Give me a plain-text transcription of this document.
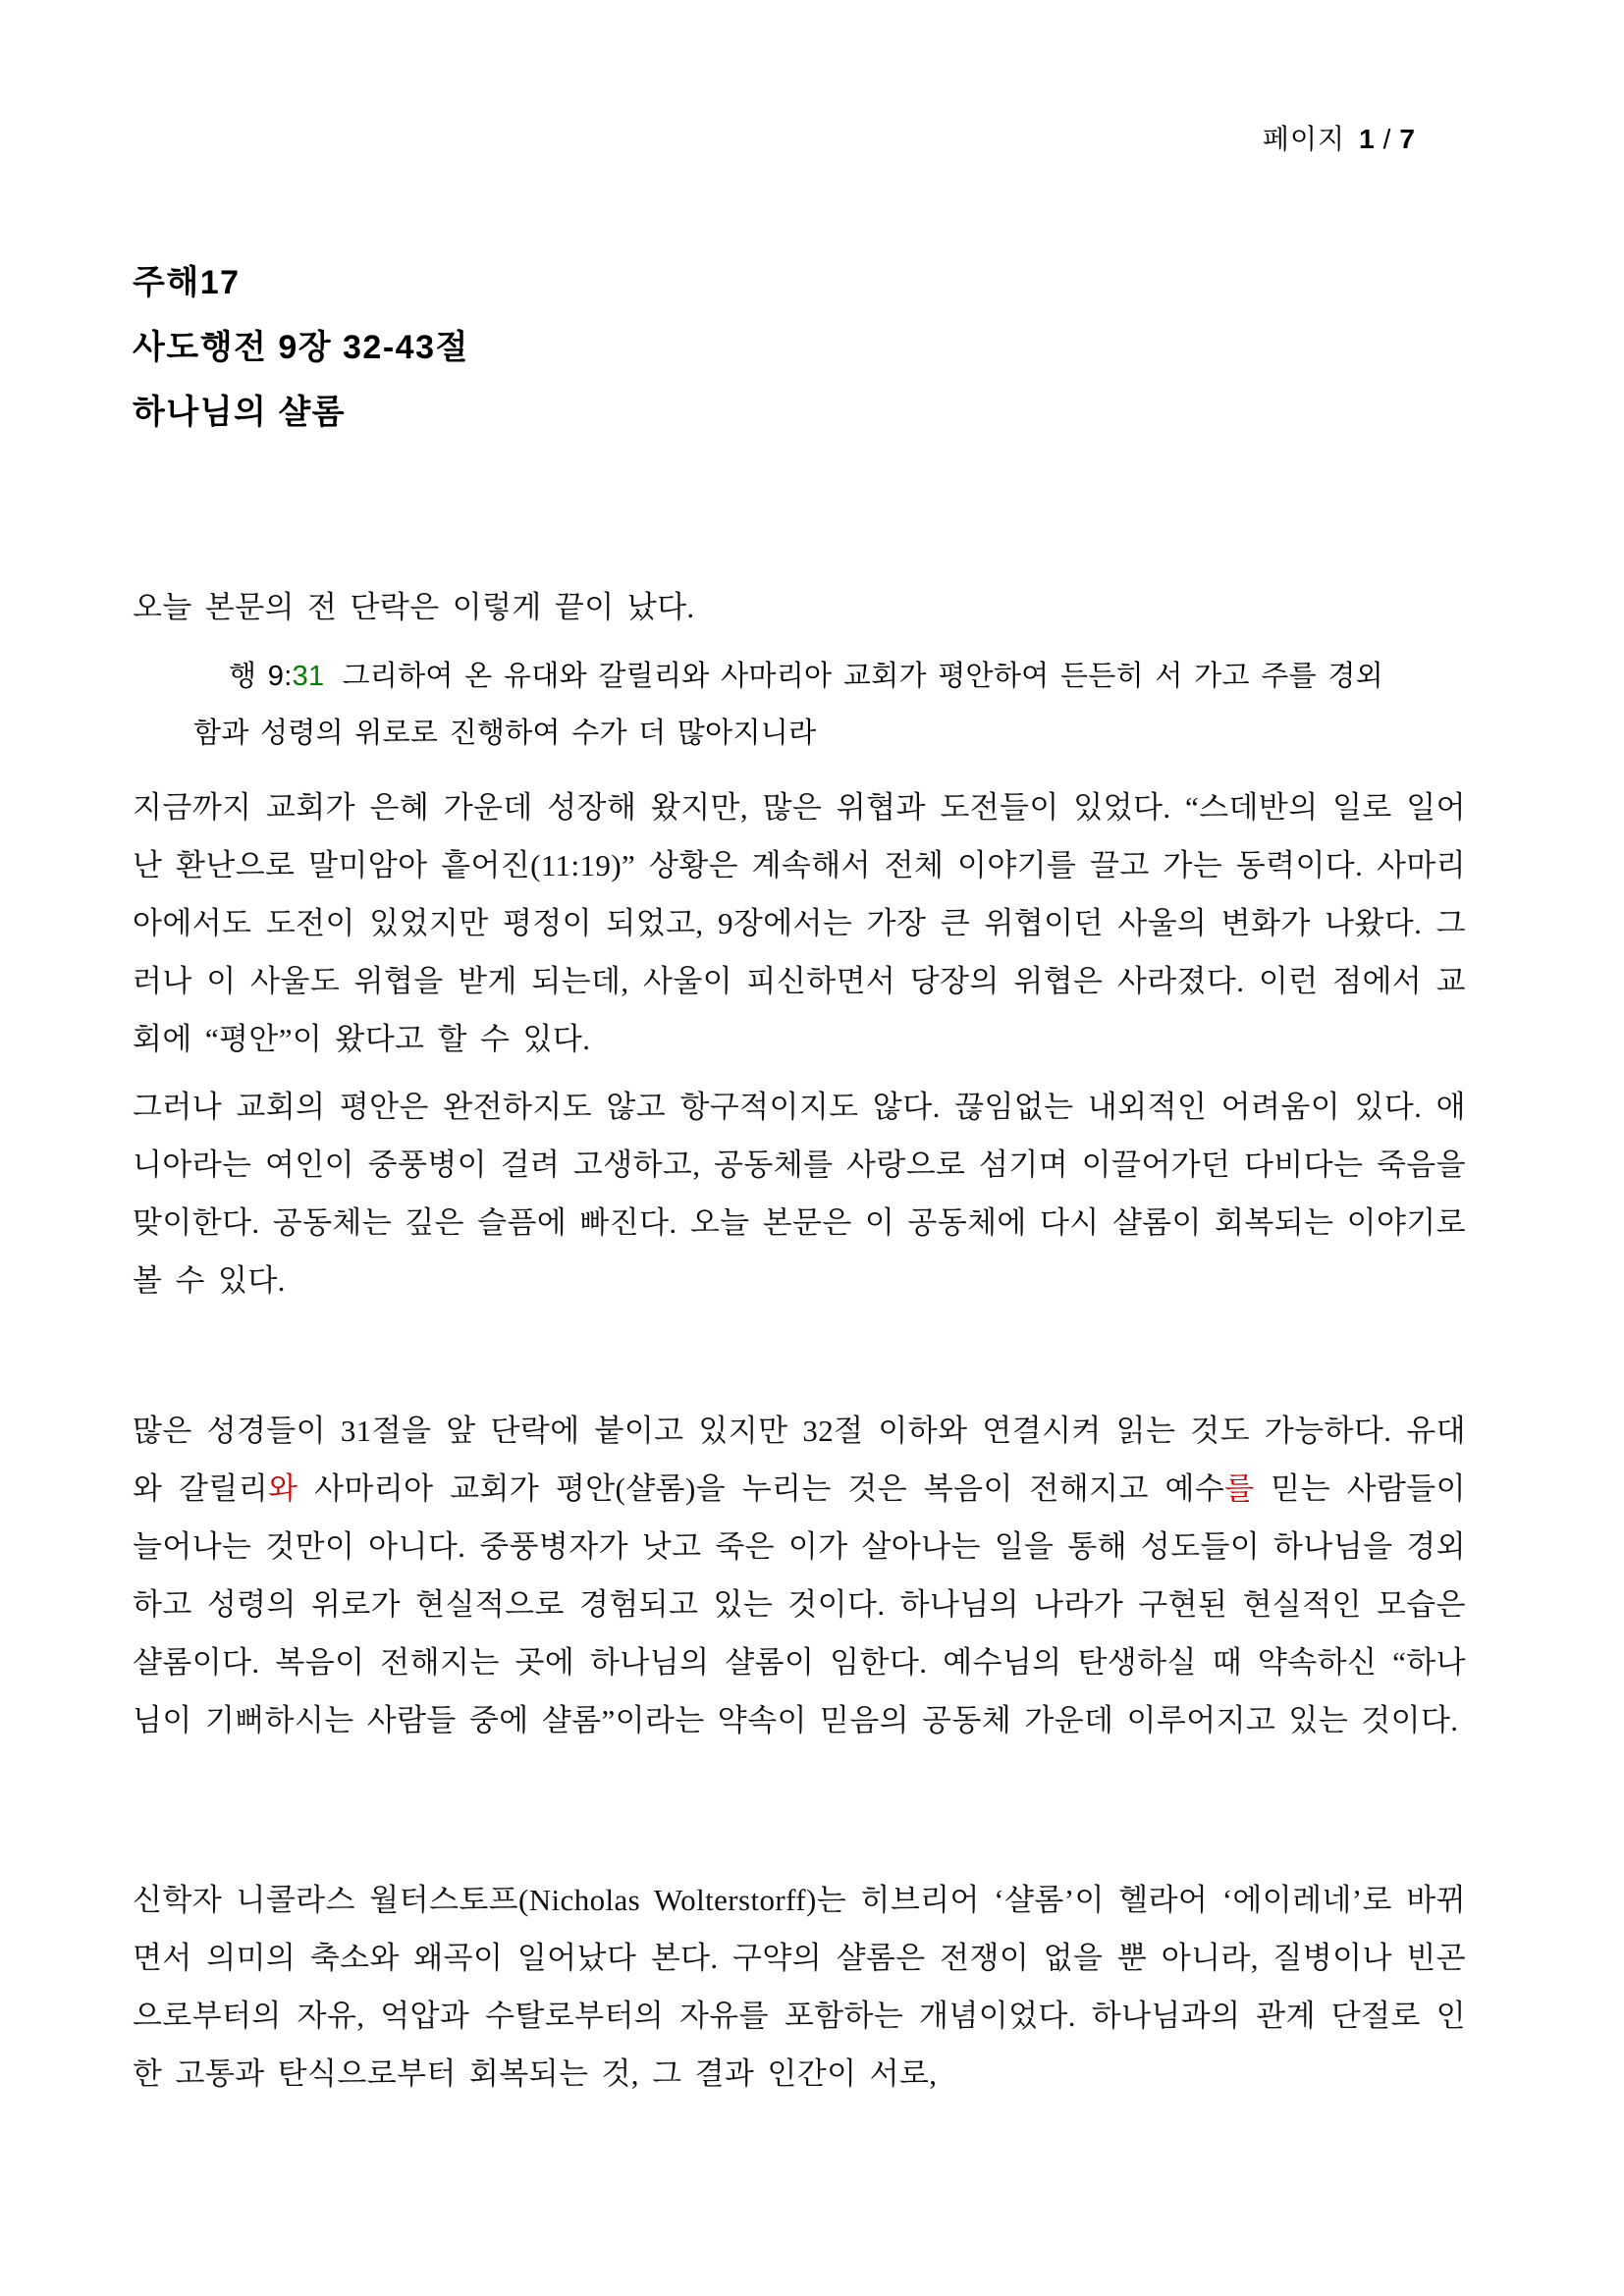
페이지 1 / 7
주해17
사도행전 9장 32-43절
하나님의 샬롬

오늘 본문의 전 단락은 이렇게 끝이 났다.

행 9:31 그리하여 온 유대와 갈릴리와 사마리아 교회가 평안하여 든든히 서 가고 주를 경외함과 성령의 위로로 진행하여 수가 더 많아지니라

지금까지 교회가 은혜 가운데 성장해 왔지만, 많은 위협과 도전들이 있었다. “스데반의 일로 일어난 환난으로 말미암아 흩어진(11:19)” 상황은 계속해서 전체 이야기를 끌고 가는 동력이다. 사마리아에서도 도전이 있었지만 평정이 되었고, 9장에서는 가장 큰 위협이던 사울의 변화가 나왔다. 그러나 이 사울도 위협을 받게 되는데, 사울이 피신하면서 당장의 위협은 사라졌다. 이런 점에서 교회에 “평안”이 왔다고 할 수 있다.

그러나 교회의 평안은 완전하지도 않고 항구적이지도 않다. 끊임없는 내외적인 어려움이 있다. 애니아라는 여인이 중풍병이 걸려 고생하고, 공동체를 사랑으로 섬기며 이끌어가던 다비다는 죽음을 맞이한다. 공동체는 깊은 슬픔에 빠진다. 오늘 본문은 이 공동체에 다시 샬롬이 회복되는 이야기로 볼 수 있다.

많은 성경들이 31절을 앞 단락에 붙이고 있지만 32절 이하와 연결시켜 읽는 것도 가능하다. 유대와 갈릴리와 사마리아 교회가 평안(샬롬)을 누리는 것은 복음이 전해지고 예수를 믿는 사람들이 늘어나는 것만이 아니다. 중풍병자가 낫고 죽은 이가 살아나는 일을 통해 성도들이 하나님을 경외하고 성령의 위로가 현실적으로 경험되고 있는 것이다. 하나님의 나라가 구현된 현실적인 모습은 샬롬이다. 복음이 전해지는 곳에 하나님의 샬롬이 임한다. 예수님의 탄생하실 때 약속하신 “하나님이 기뻐하시는 사람들 중에 샬롬”이라는 약속이 믿음의 공동체 가운데 이루어지고 있는 것이다.

신학자 니콜라스 월터스토프(Nicholas Wolterstorff)는 히브리어 ‘샬롬’이 헬라어 ‘에이레네’로 바뀌면서 의미의 축소와 왜곡이 일어났다 본다. 구약의 샬롬은 전쟁이 없을 뿐 아니라, 질병이나 빈곤으로부터의 자유, 억압과 수탈로부터의 자유를 포함하는 개념이었다. 하나님과의 관계 단절로 인한 고통과 탄식으로부터 회복되는 것, 그 결과 인간이 서로,
